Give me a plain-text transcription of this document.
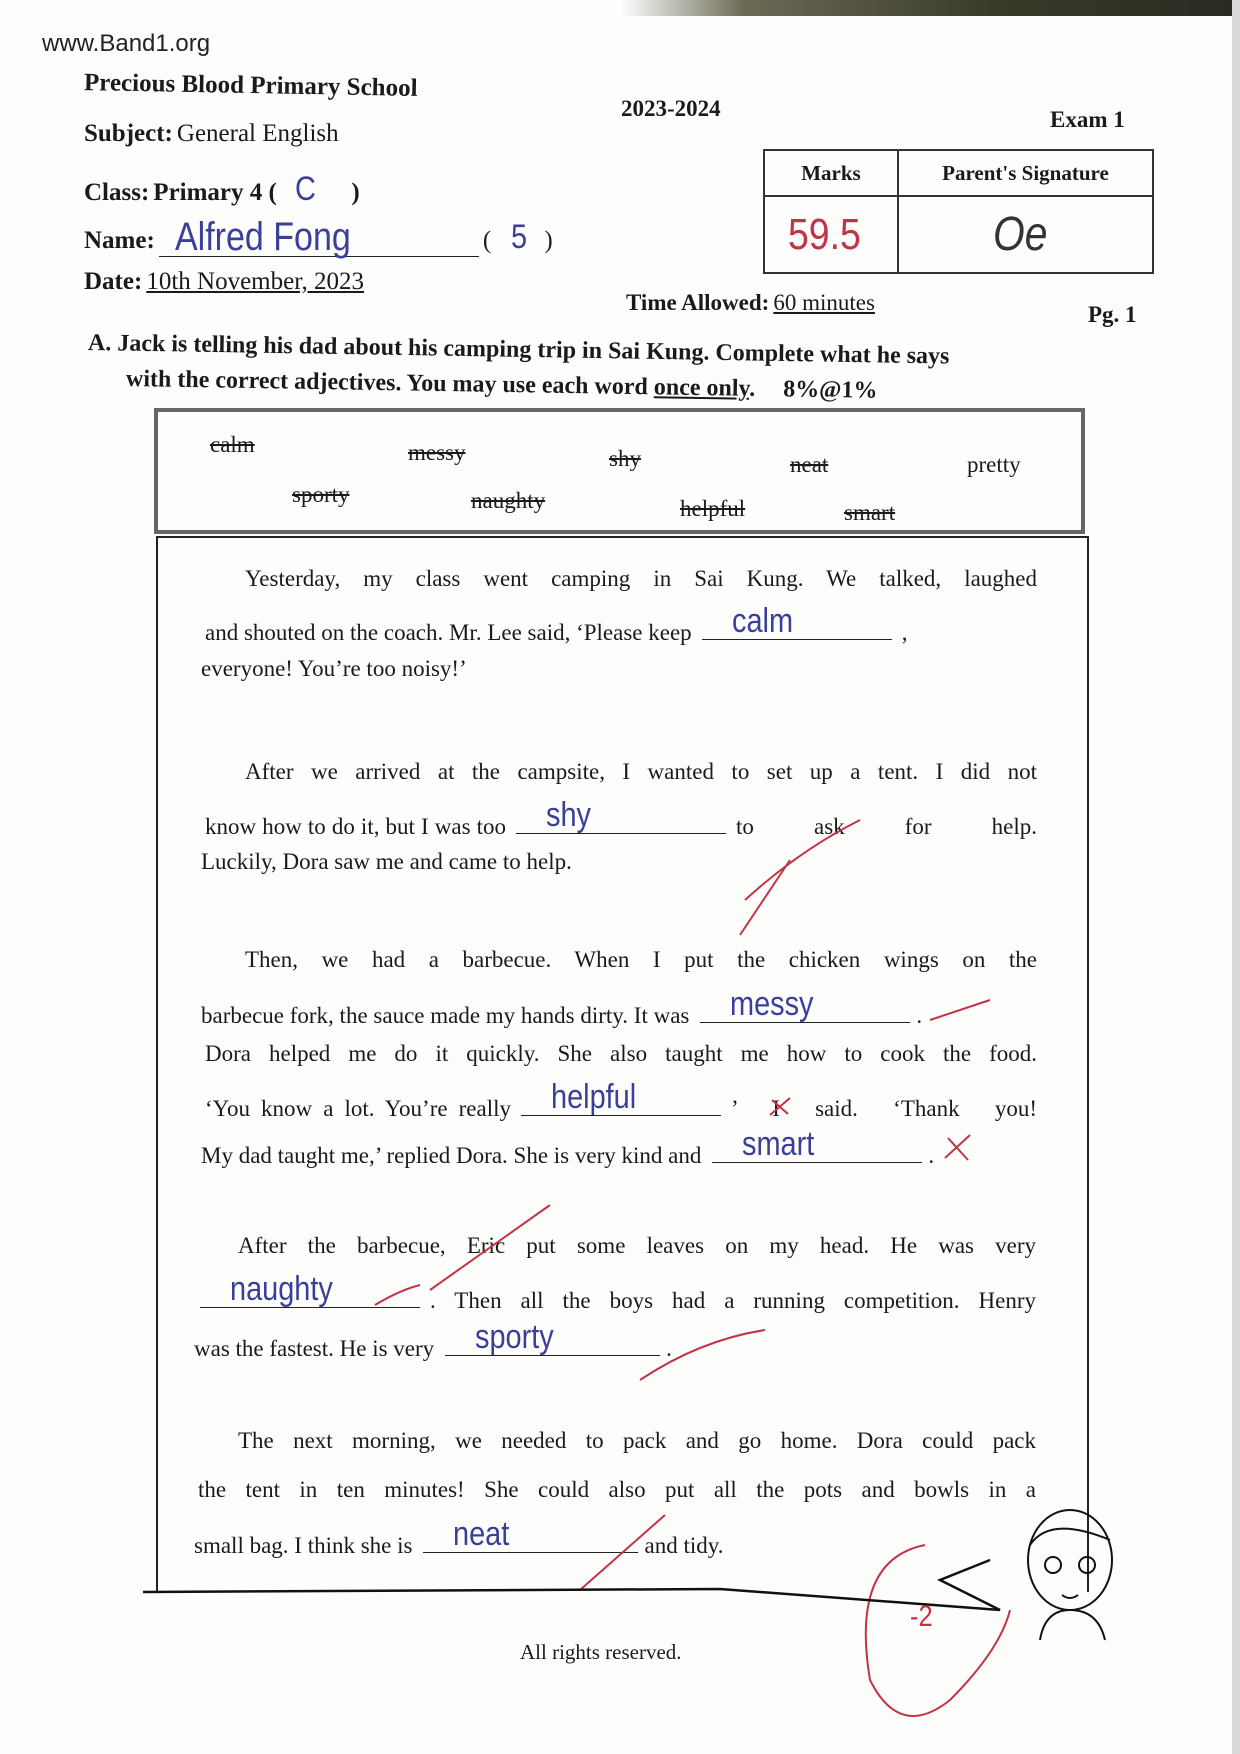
www.Band1.org
Precious Blood Primary School
2023-2024	Exam 1
Subject: General English
Class: Primary 4 ( C )
Name: Alfred Fong	( 5 )
Date: 10th November, 2023
Time Allowed: 60 minutes	Pg. 1
Marks	Parent's Signature
59.5	Oe
A. Jack is telling his dad about his camping trip in Sai Kung. Complete what he says
with the correct adjectives. You may use each word once only. 8%@1%
calm	messy	shy	neat	pretty
sporty	naughty	helpful	smart
Yesterday, my class went camping in Sai Kung. We talked, laughed
and shouted on the coach. Mr. Lee said, ‘Please keep calm	,
everyone! You’re too noisy!’
After we arrived at the campsite, I wanted to set up a tent. I did not
know how to do it, but I was too shy	to ask for help.
Luckily, Dora saw me and came to help.
Then, we had a barbecue. When I put the chicken wings on the
barbecue fork, the sauce made my hands dirty. It was messy	.
Dora helped me do it quickly. She also taught me how to cook the food.
‘You know a lot. You’re really helpful	’ I said. ‘Thank you!
My dad taught me,’ replied Dora. She is very kind and smart	.
After the barbecue, Eric put some leaves on my head. He was very
naughty	. Then all the boys had a running competition. Henry
was the fastest. He is very sporty	.
The next morning, we needed to pack and go home. Dora could pack
the tent in ten minutes! She could also put all the pots and bowls in a
small bag. I think she is neat	and tidy.
-2
All rights reserved.
